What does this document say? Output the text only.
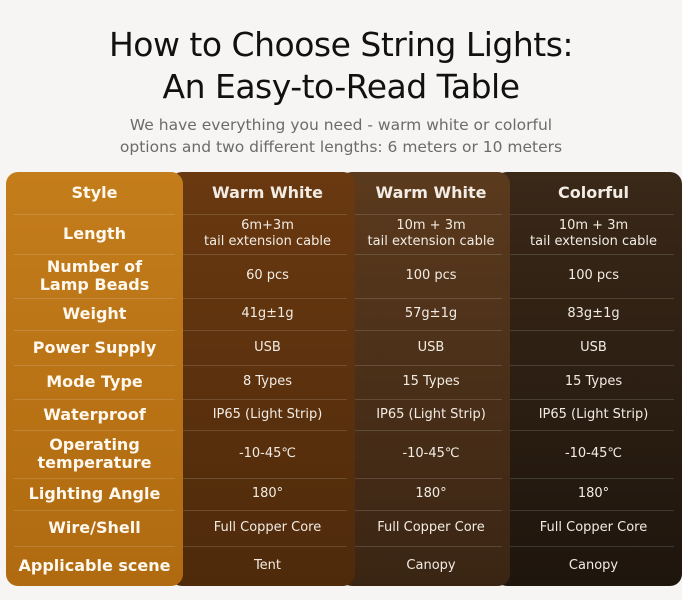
How to Choose String Lights:
An Easy-to-Read Table
We have everything you need - warm white or colorful
options and two different lengths: 6 meters or 10 meters
Style
Length
Number of
Lamp Beads
Weight
Power Supply
Mode Type
Waterproof
Operating
temperature
Lighting Angle
Wire/Shell
Applicable scene
Warm White
6m+3m
tail extension cable
60 pcs
41g±1g
USB
8 Types
IP65 (Light Strip)
-10-45℃
180°
Full Copper Core
Tent
Warm White
10m + 3m
tail extension cable
100 pcs
57g±1g
USB
15 Types
IP65 (Light Strip)
-10-45℃
180°
Full Copper Core
Canopy
Colorful
10m + 3m
tail extension cable
100 pcs
83g±1g
USB
15 Types
IP65 (Light Strip)
-10-45℃
180°
Full Copper Core
Canopy
